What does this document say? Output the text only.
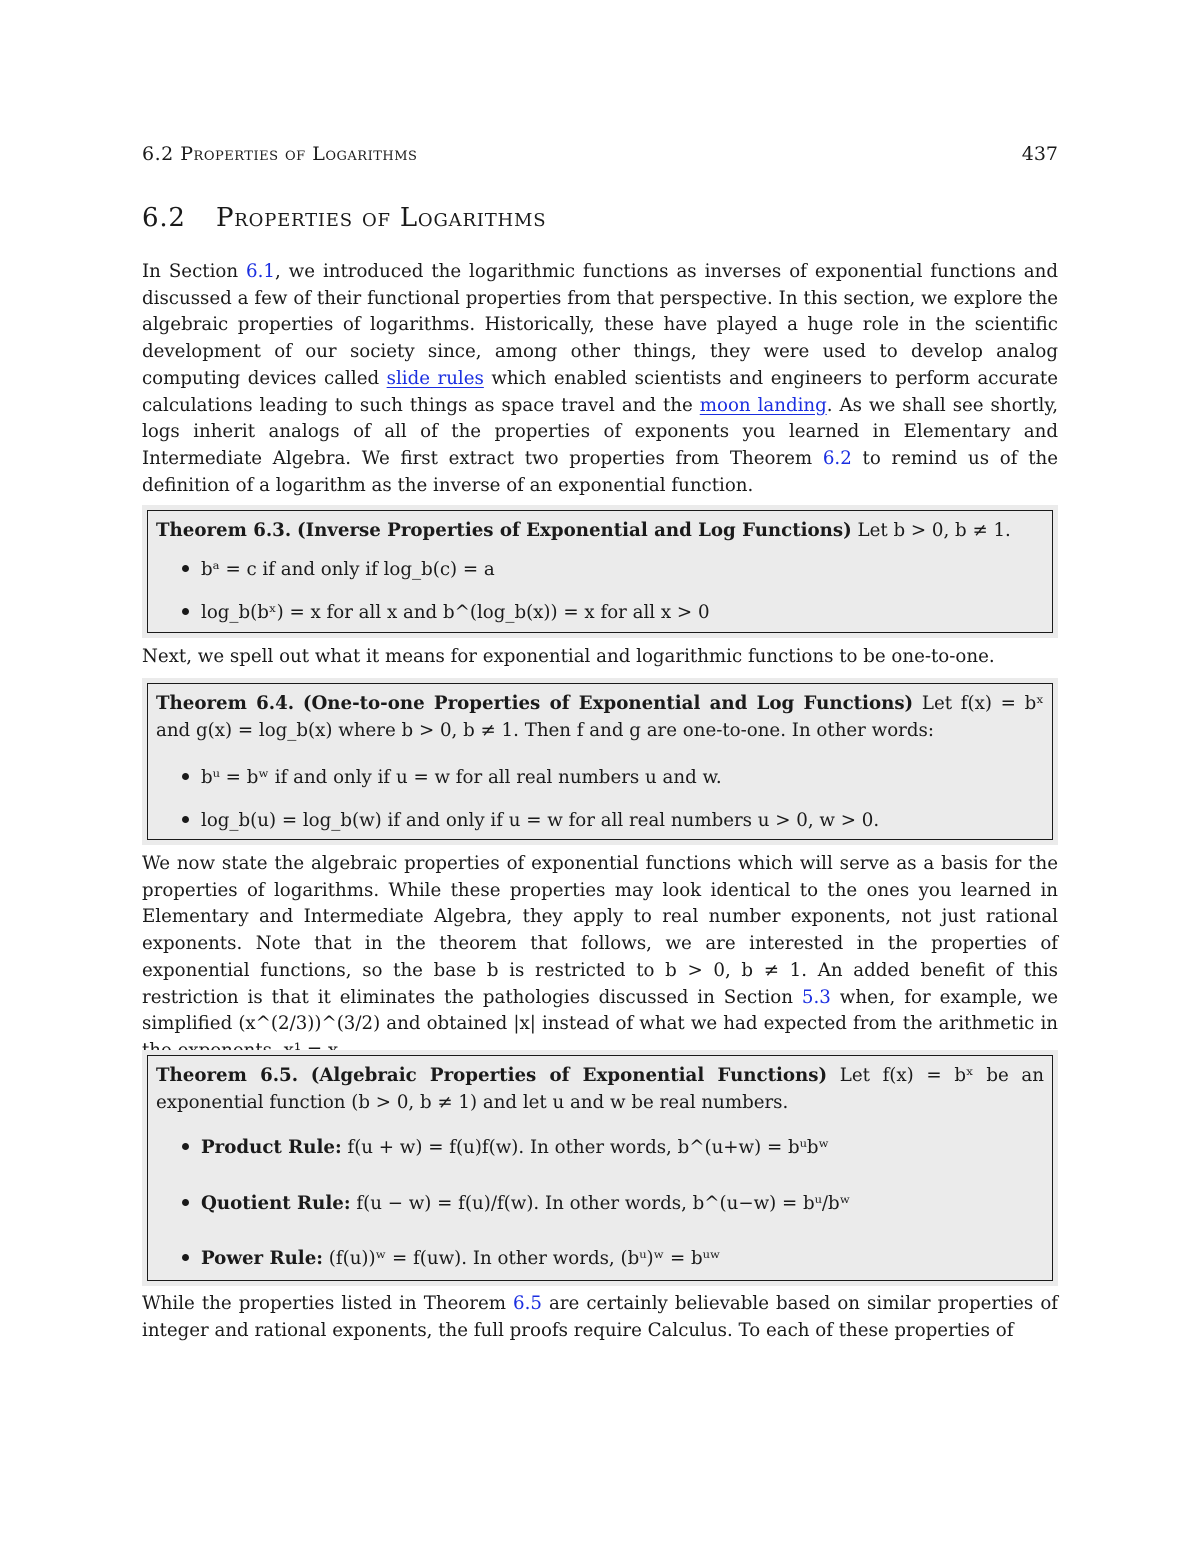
6.2 Properties of Logarithms	437
6.2 Properties of Logarithms

In Section 6.1, we introduced the logarithmic functions as inverses of exponential functions and discussed a few of their functional properties from that perspective. In this section, we explore the algebraic properties of logarithms. Historically, these have played a huge role in the scientific development of our society since, among other things, they were used to develop analog computing devices called slide rules which enabled scientists and engineers to perform accurate calculations leading to such things as space travel and the moon landing. As we shall see shortly, logs inherit analogs of all of the properties of exponents you learned in Elementary and Intermediate Algebra. We first extract two properties from Theorem 6.2 to remind us of the definition of a logarithm as the inverse of an exponential function.

Theorem 6.3. (Inverse Properties of Exponential and Log Functions) Let b > 0, b ≠ 1.
bᵃ = c if and only if log_b(c) = a
log_b(bˣ) = x for all x and b^(log_b(x)) = x for all x > 0

Next, we spell out what it means for exponential and logarithmic functions to be one-to-one.

Theorem 6.4. (One-to-one Properties of Exponential and Log Functions) Let f(x) = bˣ and g(x) = log_b(x) where b > 0, b ≠ 1. Then f and g are one-to-one. In other words:
bᵘ = bʷ if and only if u = w for all real numbers u and w.
log_b(u) = log_b(w) if and only if u = w for all real numbers u > 0, w > 0.

We now state the algebraic properties of exponential functions which will serve as a basis for the properties of logarithms. While these properties may look identical to the ones you learned in Elementary and Intermediate Algebra, they apply to real number exponents, not just rational exponents. Note that in the theorem that follows, we are interested in the properties of exponential functions, so the base b is restricted to b > 0, b ≠ 1. An added benefit of this restriction is that it eliminates the pathologies discussed in Section 5.3 when, for example, we simplified (x^(2/3))^(3/2) and obtained |x| instead of what we had expected from the arithmetic in

Theorem 6.5. (Algebraic Properties of Exponential Functions) Let f(x) = bˣ be an exponential function (b > 0, b ≠ 1) and let u and w be real numbers.
Product Rule: f(u + w) = f(u)f(w). In other words, b^(u+w) = bᵘbʷ
Quotient Rule: f(u − w) = f(u)/f(w). In other words, b^(u−w) = bᵘ/bʷ
Power Rule: (f(u))ʷ = f(uw). In other words, (bᵘ)ʷ = bᵘʷ

While the properties listed in Theorem 6.5 are certainly believable based on similar properties of integer and rational exponents, the full proofs require Calculus. To each of these properties of
